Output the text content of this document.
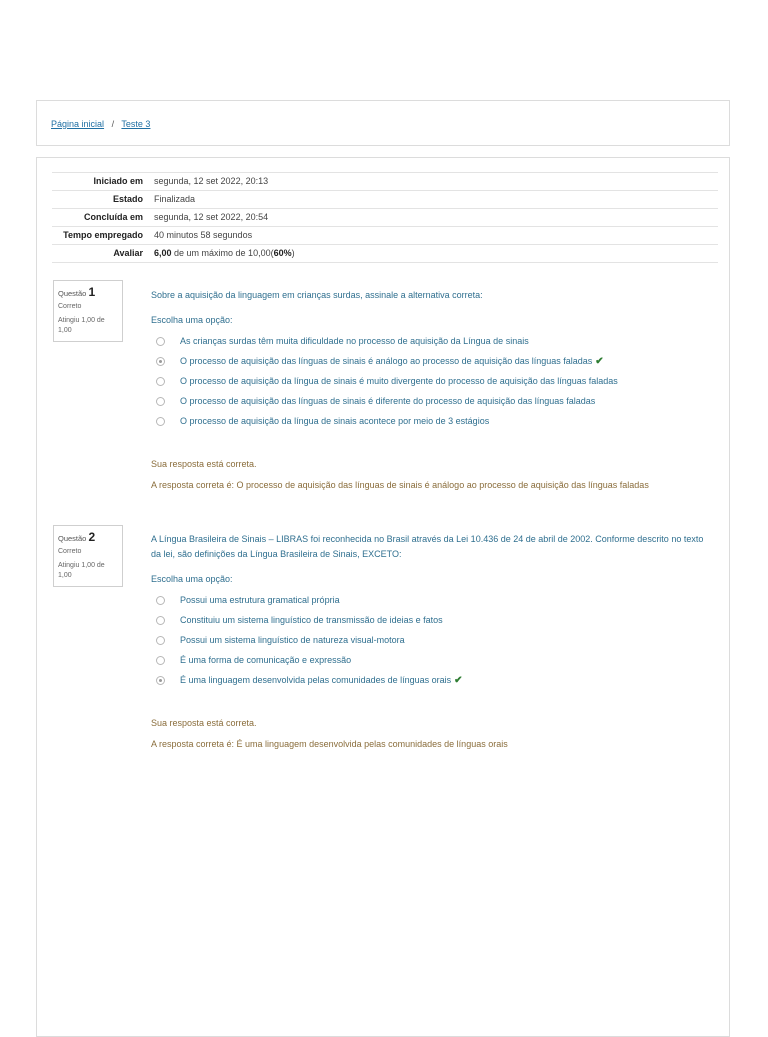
Página inicial / Teste 3
Iniciado em	segunda, 12 set 2022, 20:13
Estado	Finalizada
Concluída em	segunda, 12 set 2022, 20:54
Tempo empregado	40 minutos 58 segundos
Avaliar	6,00 de um máximo de 10,00(60%)
Questão 1
Correto
Atingiu 1,00 de 1,00
Sobre a aquisição da linguagem em crianças surdas, assinale a alternativa correta:
Escolha uma opção:
As crianças surdas têm muita dificuldade no processo de aquisição da Língua de sinais
O processo de aquisição das línguas de sinais é análogo ao processo de aquisição das línguas faladas ✔
O processo de aquisição da língua de sinais é muito divergente do processo de aquisição das línguas faladas
O processo de aquisição das línguas de sinais é diferente do processo de aquisição das línguas faladas
O processo de aquisição da língua de sinais acontece por meio de 3 estágios
Sua resposta está correta.
A resposta correta é: O processo de aquisição das línguas de sinais é análogo ao processo de aquisição das línguas faladas
Questão 2
Correto
Atingiu 1,00 de 1,00
A Língua Brasileira de Sinais – LIBRAS foi reconhecida no Brasil através da Lei 10.436 de 24 de abril de 2002. Conforme descrito no texto da lei, são definições da Língua Brasileira de Sinais, EXCETO:
Escolha uma opção:
Possui uma estrutura gramatical própria
Constituiu um sistema linguístico de transmissão de ideias e fatos
Possui um sistema linguístico de natureza visual-motora
É uma forma de comunicação e expressão
É uma linguagem desenvolvida pelas comunidades de línguas orais ✔
Sua resposta está correta.
A resposta correta é: É uma linguagem desenvolvida pelas comunidades de línguas orais
